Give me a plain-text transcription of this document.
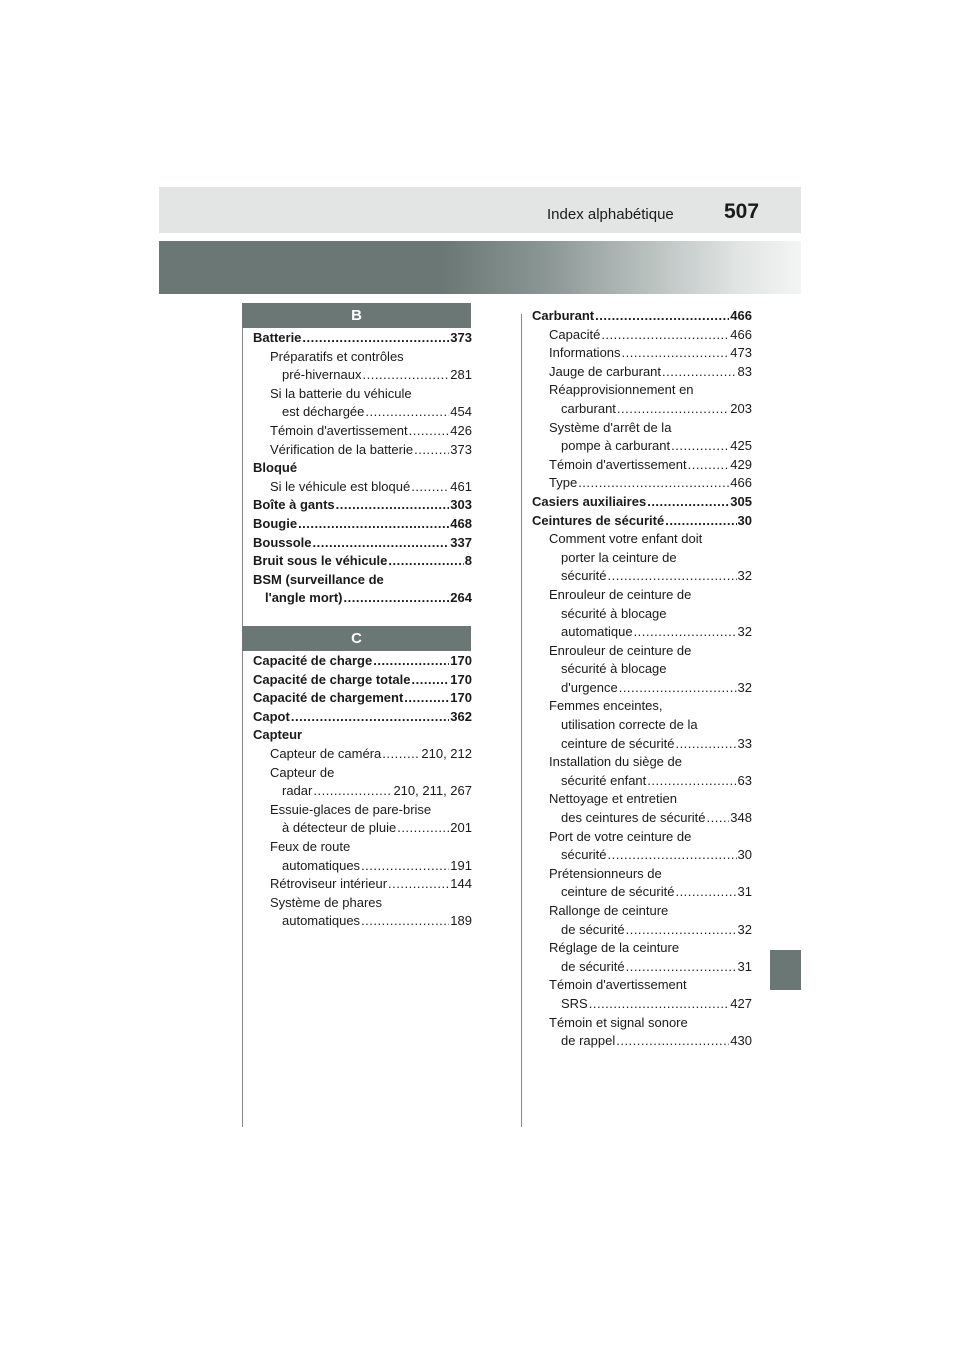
Index alphabétique 507
B
C
Batterie .....	373
Préparatifs et contrôles
pré-hivernaux .....	281
Si la batterie du véhicule
est déchargée .....	454
Témoin d'avertissement .....	426
Vérification de la batterie .....	373
Bloqué
Si le véhicule est bloqué .....	461
Boîte à gants .....	303
Bougie .....	468
Boussole .....	337
Bruit sous le véhicule .....	8
BSM (surveillance de
l'angle mort) .....	264
Capacité de charge .....	170
Capacité de charge totale .....	170
Capacité de chargement .....	170
Capot .....	362
Capteur
Capteur de caméra .....	210, 212
Capteur de
radar .....	210, 211, 267
Essuie-glaces de pare-brise
à détecteur de pluie .....	201
Feux de route
automatiques .....	191
Rétroviseur intérieur .....	144
Système de phares
automatiques .....	189
Carburant .....	466
Capacité .....	466
Informations .....	473
Jauge de carburant .....	83
Réapprovisionnement en
carburant .....	203
Système d'arrêt de la
pompe à carburant .....	425
Témoin d'avertissement .....	429
Type .....	466
Casiers auxiliaires .....	305
Ceintures de sécurité .....	30
Comment votre enfant doit
porter la ceinture de
sécurité .....	32
Enrouleur de ceinture de
sécurité à blocage
automatique .....	32
Enrouleur de ceinture de
sécurité à blocage
d'urgence .....	32
Femmes enceintes,
utilisation correcte de la
ceinture de sécurité .....	33
Installation du siège de
sécurité enfant .....	63
Nettoyage et entretien
des ceintures de sécurité ..... 348
Port de votre ceinture de
sécurité .....	30
Prétensionneurs de
ceinture de sécurité .....	31
Rallonge de ceinture
de sécurité .....	32
Réglage de la ceinture
de sécurité .....	31
Témoin d'avertissement
SRS .....	427
Témoin et signal sonore
de rappel .....	430
